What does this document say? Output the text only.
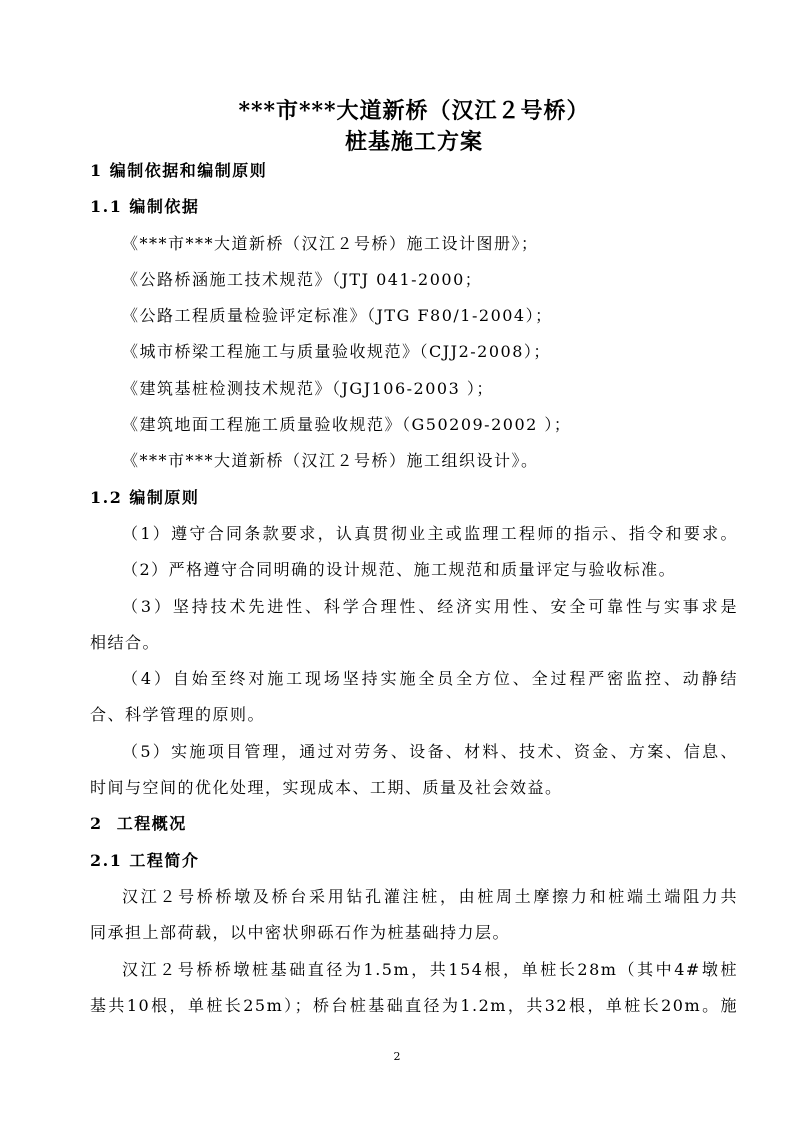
***市***大道新桥（汉江２号桥）
桩基施工方案
1 编制依据和编制原则
1.1 编制依据
《***市***大道新桥（汉江２号桥）施工设计图册》；
《公路桥涵施工技术规范》（JTJ 041-2000；
《公路工程质量检验评定标准》（JTG F80/1-2004）；
《城市桥梁工程施工与质量验收规范》（CJJ2-2008）；
《建筑基桩检测技术规范》（JGJ106-2003 ）；
《建筑地面工程施工质量验收规范》（G50209-2002 ）；
《***市***大道新桥（汉江２号桥）施工组织设计》。
1.2 编制原则
（1）遵守合同条款要求，认真贯彻业主或监理工程师的指示、指令和要求。
（2）严格遵守合同明确的设计规范、施工规范和质量评定与验收标准。
（3）坚持技术先进性、科学合理性、经济实用性、安全可靠性与实事求是
相结合。
（4）自始至终对施工现场坚持实施全员全方位、全过程严密监控、动静结
合、科学管理的原则。
（5）实施项目管理，通过对劳务、设备、材料、技术、资金、方案、信息、
时间与空间的优化处理，实现成本、工期、质量及社会效益。
2  工程概况
2.1 工程简介
汉江２号桥桥墩及桥台采用钻孔灌注桩，由桩周土摩擦力和桩端土端阻力共
同承担上部荷载，以中密状卵砾石作为桩基础持力层。
汉江２号桥桥墩桩基础直径为1.5m，共154根，单桩长28m（其中4#墩桩
基共10根，单桩长25m）；桥台桩基础直径为1.2m，共32根，单桩长20m。施
2
